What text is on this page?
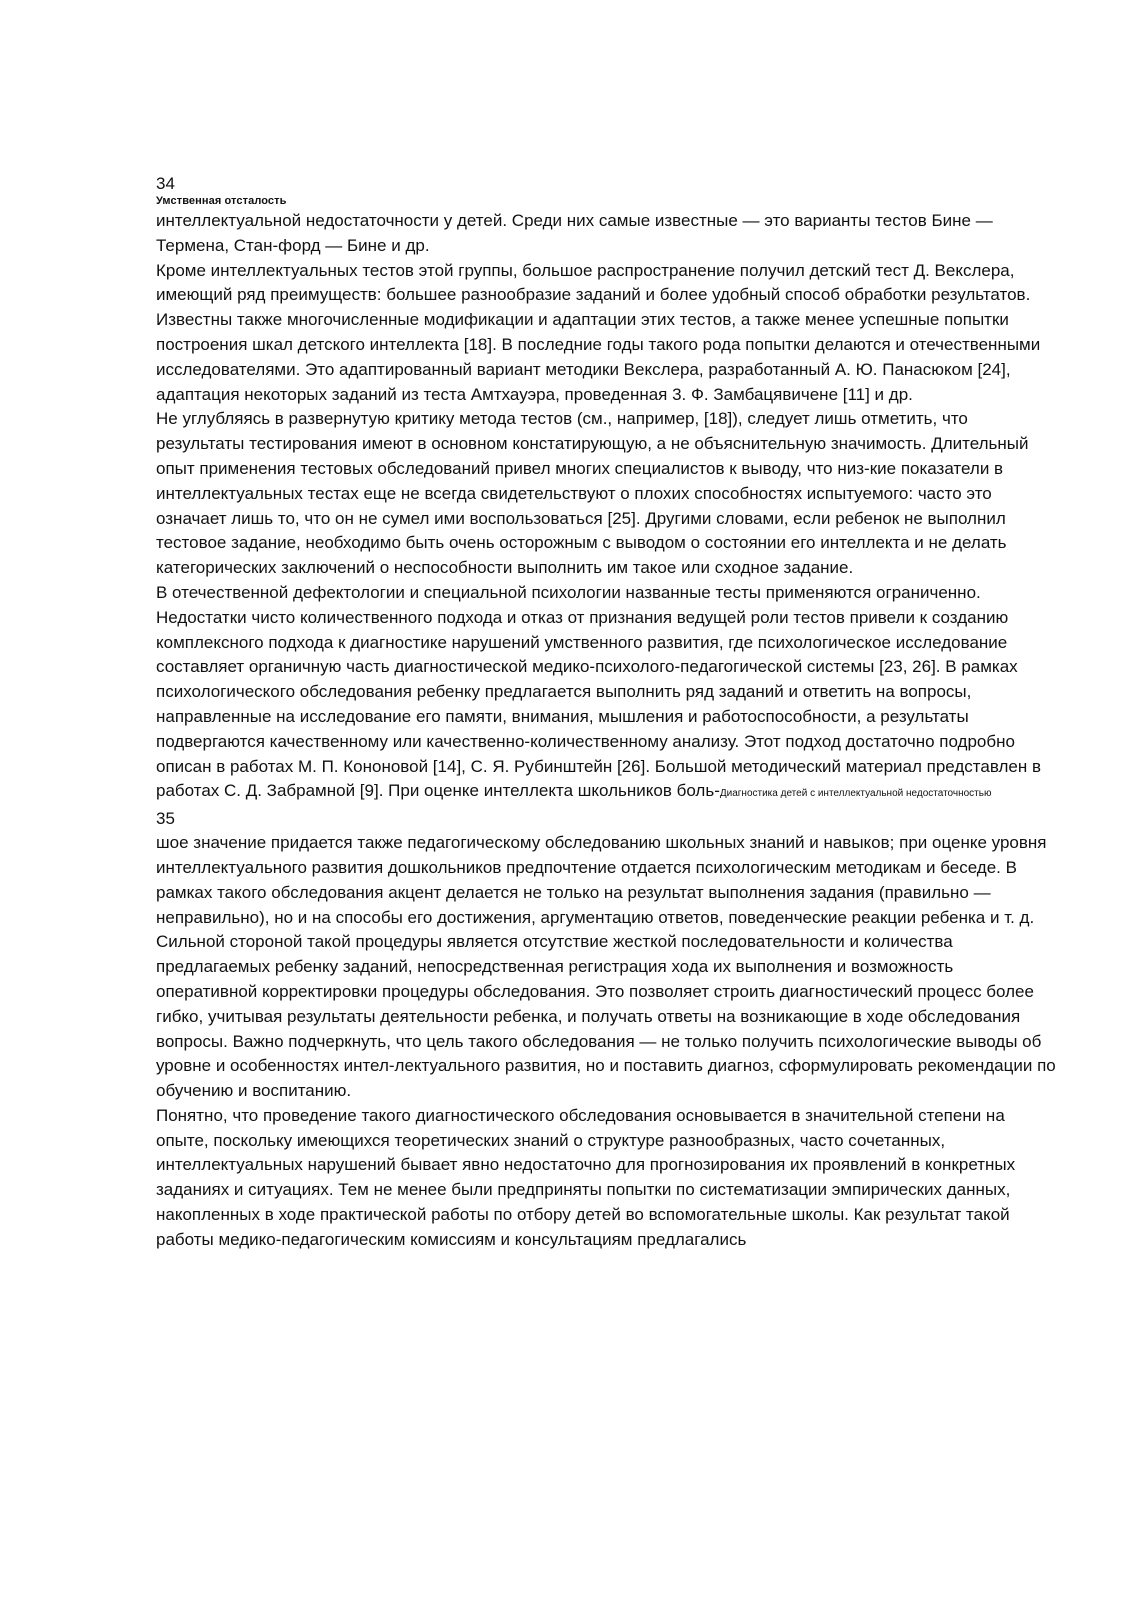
34

Умственная отсталость

интеллектуальной недостаточности у детей. Среди них самые известные — это варианты тестов Бине — Термена, Стан-форд — Бине и др.

Кроме интеллектуальных тестов этой группы, большое распространение получил детский тест Д. Векслера, имеющий ряд преимуществ: большее разнообразие заданий и более удобный способ обработки результатов.

Известны также многочисленные модификации и адаптации этих тестов, а также менее успешные попытки построения шкал детского интеллекта [18]. В последние годы такого рода попытки делаются и отечественными исследователями. Это адаптированный вариант методики Векслера, разработанный А. Ю. Панасюком [24], адаптация некоторых заданий из теста Амтхауэра, проведенная 3. Ф. Замбацявичене [11] и др.

Не углубляясь в развернутую критику метода тестов (см., например, [18]), следует лишь отметить, что результаты тестирования имеют в основном констатирующую, а не объяснительную значимость. Длительный опыт применения тестовых обследований привел многих специалистов к выводу, что низ-кие показатели в интеллектуальных тестах еще не всегда свидетельствуют о плохих способностях испытуемого: часто это означает лишь то, что он не сумел ими воспользоваться [25]. Другими словами, если ребенок не выполнил тестовое задание, необходимо быть очень осторожным с выводом о состоянии его интеллекта и не делать категорических заключений о неспособности выполнить им такое или сходное задание.

В отечественной дефектологии и специальной психологии названные тесты применяются ограниченно. Недостатки чисто количественного подхода и отказ от признания ведущей роли тестов привели к созданию комплексного подхода к диагностике нарушений умственного развития, где психологическое исследование составляет органичную часть диагностической медико-психолого-педагогической системы [23, 26]. В рамках психологического обследования ребенку предлагается выполнить ряд заданий и ответить на вопросы, направленные на исследование его памяти, внимания, мышления и работоспособности, а результаты подвергаются качественному или качественно-количественному анализу. Этот подход достаточно подробно описан в работах М. П. Кононовой [14], С. Я. Рубинштейн [26]. Большой методический материал представлен в работах С. Д. Забрамной [9]. При оценке интеллекта школьников боль-Диагностика детей с интеллектуальной недостаточностью

35

шое значение придается также педагогическому обследованию школьных знаний и навыков; при оценке уровня интеллектуального развития дошкольников предпочтение отдается психологическим методикам и беседе. В рамках такого обследования акцент делается не только на результат выполнения задания (правильно — неправильно), но и на способы его достижения, аргументацию ответов, поведенческие реакции ребенка и т. д. Сильной стороной такой процедуры является отсутствие жесткой последовательности и количества предлагаемых ребенку заданий, непосредственная регистрация хода их выполнения и возможность оперативной корректировки процедуры обследования. Это позволяет строить диагностический процесс более гибко, учитывая результаты деятельности ребенка, и получать ответы на возникающие в ходе обследования вопросы. Важно подчеркнуть, что цель такого обследования — не только получить психологические выводы об уровне и особенностях интел-лектуального развития, но и поставить диагноз, сформулировать рекомендации по обучению и воспитанию.

Понятно, что проведение такого диагностического обследования основывается в значительной степени на опыте, поскольку имеющихся теоретических знаний о структуре разнообразных, часто сочетанных, интеллектуальных нарушений бывает явно недостаточно для прогнозирования их проявлений в конкретных заданиях и ситуациях. Тем не менее были предприняты попытки по систематизации эмпирических данных, накопленных в ходе практической работы по отбору детей во вспомогательные школы. Как результат такой работы медико-педагогическим комиссиям и консультациям предлагались
